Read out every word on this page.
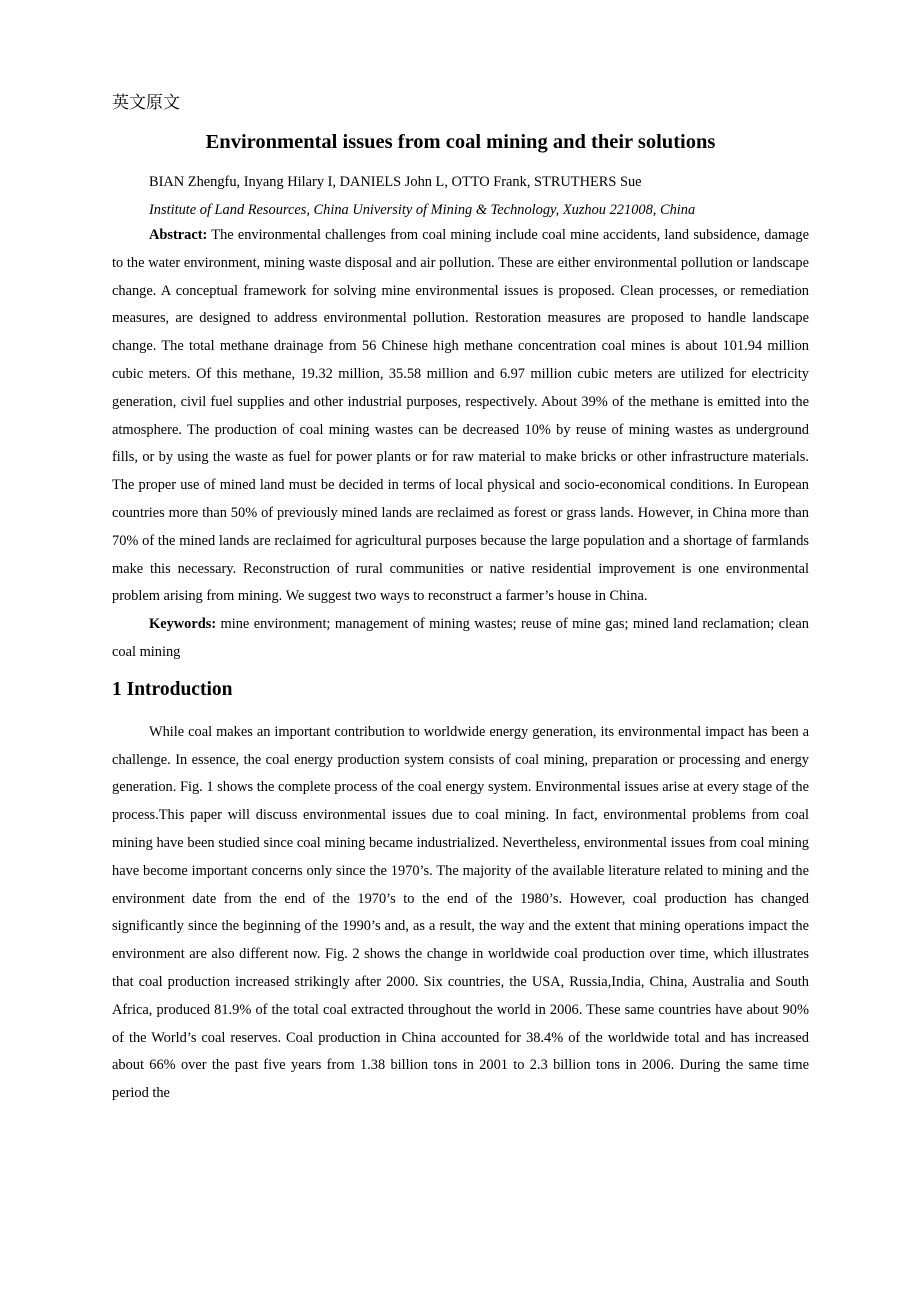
英文原文

Environmental issues from coal mining and their solutions

BIAN Zhengfu, Inyang Hilary I, DANIELS John L, OTTO Frank, STRUTHERS Sue

Institute of Land Resources, China University of Mining & Technology, Xuzhou 221008, China

Abstract: The environmental challenges from coal mining include coal mine accidents, land subsidence, damage to the water environment, mining waste disposal and air pollution. These are either environmental pollution or landscape change. A conceptual framework for solving mine environmental issues is proposed. Clean processes, or remediation measures, are designed to address environmental pollution. Restoration measures are proposed to handle landscape change. The total methane drainage from 56 Chinese high methane concentration coal mines is about 101.94 million cubic meters. Of this methane, 19.32 million, 35.58 million and 6.97 million cubic meters are utilized for electricity generation, civil fuel supplies and other industrial purposes, respectively. About 39% of the methane is emitted into the atmosphere. The production of coal mining wastes can be decreased 10% by reuse of mining wastes as underground fills, or by using the waste as fuel for power plants or for raw material to make bricks or other infrastructure materials. The proper use of mined land must be decided in terms of local physical and socio-economical conditions. In European countries more than 50% of previously mined lands are reclaimed as forest or grass lands. However, in China more than 70% of the mined lands are reclaimed for agricultural purposes because the large population and a shortage of farmlands make this necessary. Reconstruction of rural communities or native residential improvement is one environmental problem arising from mining. We suggest two ways to reconstruct a farmer’s house in China.

Keywords: mine environment; management of mining wastes; reuse of mine gas; mined land reclamation; clean coal mining

1 Introduction

While coal makes an important contribution to worldwide energy generation, its environmental impact has been a challenge. In essence, the coal energy production system consists of coal mining, preparation or processing and energy generation. Fig. 1 shows the complete process of the coal energy system. Environmental issues arise at every stage of the process.This paper will discuss environmental issues due to coal mining. In fact, environmental problems from coal mining have been studied since coal mining became industrialized. Nevertheless, environmental issues from coal mining have become important concerns only since the 1970’s. The majority of the available literature related to mining and the environment date from the end of the 1970’s to the end of the 1980’s. However, coal production has changed significantly since the beginning of the 1990’s and, as a result, the way and the extent that mining operations impact the environment are also different now. Fig. 2 shows the change in worldwide coal production over time, which illustrates that coal production increased strikingly after 2000. Six countries, the USA, Russia,India, China, Australia and South Africa, produced 81.9% of the total coal extracted throughout the world in 2006. These same countries have about 90% of the World’s coal reserves. Coal production in China accounted for 38.4% of the worldwide total and has increased about 66% over the past five years from 1.38 billion tons in 2001 to 2.3 billion tons in 2006. During the same time period the
